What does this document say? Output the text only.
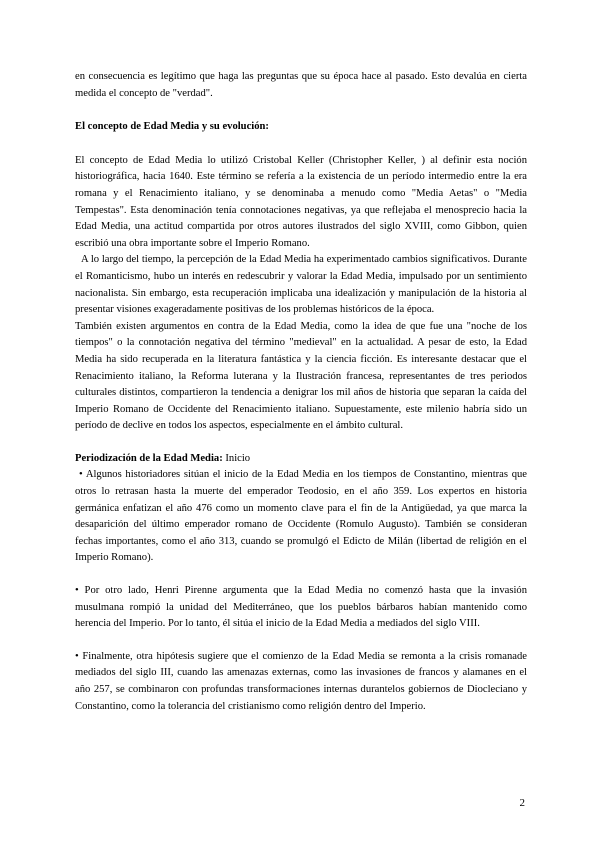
en consecuencia es legítimo que haga las preguntas que su época hace al pasado. Esto devalúa en cierta medida el concepto de "verdad".

El concepto de Edad Media y su evolución:

El concepto de Edad Media lo utilizó Cristobal Keller (Christopher Keller, ) al definir esta noción historiográfica, hacia 1640. Este término se refería a la existencia de un período intermedio entre la era romana y el Renacimiento italiano, y se denominaba a menudo como "Media Aetas" o "Media Tempestas". Esta denominación tenía connotaciones negativas, ya que reflejaba el menosprecio hacia la Edad Media, una actitud compartida por otros autores ilustrados del siglo XVIII, como Gibbon, quien escribió una obra importante sobre el Imperio Romano.

A lo largo del tiempo, la percepción de la Edad Media ha experimentado cambios significativos. Durante el Romanticismo, hubo un interés en redescubrir y valorar la Edad Media, impulsado por un sentimiento nacionalista. Sin embargo, esta recuperación implicaba una idealización y manipulación de la historia al presentar visiones exageradamente positivas de los problemas históricos de la época.

También existen argumentos en contra de la Edad Media, como la idea de que fue una "noche de los tiempos" o la connotación negativa del término "medieval" en la actualidad. A pesar de esto, la Edad Media ha sido recuperada en la literatura fantástica y la ciencia ficción. Es interesante destacar que el Renacimiento italiano, la Reforma luterana y la Ilustración francesa, representantes de tres periodos culturales distintos, compartieron la tendencia a denigrar los mil años de historia que separan la caída del Imperio Romano de Occidente del Renacimiento italiano. Supuestamente, este milenio habría sido un período de declive en todos los aspectos, especialmente en el ámbito cultural.

Periodización de la Edad Media: Inicio

• Algunos historiadores sitúan el inicio de la Edad Media en los tiempos de Constantino, mientras que otros lo retrasan hasta la muerte del emperador Teodosio, en el año 359. Los expertos en historia germánica enfatizan el año 476 como un momento clave para el fin de la Antigüedad, ya que marca la desaparición del último emperador romano de Occidente (Romulo Augusto). También se consideran fechas importantes, como el año 313, cuando se promulgó el Edicto de Milán (libertad de religión en el Imperio Romano).

• Por otro lado, Henri Pirenne argumenta que la Edad Media no comenzó hasta que la invasión musulmana rompió la unidad del Mediterráneo, que los pueblos bárbaros habían mantenido como herencia del Imperio. Por lo tanto, él sitúa el inicio de la Edad Media a mediados del siglo VIII.

• Finalmente, otra hipótesis sugiere que el comienzo de la Edad Media se remonta a la crisis romanade mediados del siglo III, cuando las amenazas externas, como las invasiones de francos y alamanes en el año 257, se combinaron con profundas transformaciones internas durantelos gobiernos de Diocleciano y Constantino, como la tolerancia del cristianismo como religión dentro del Imperio.

2
